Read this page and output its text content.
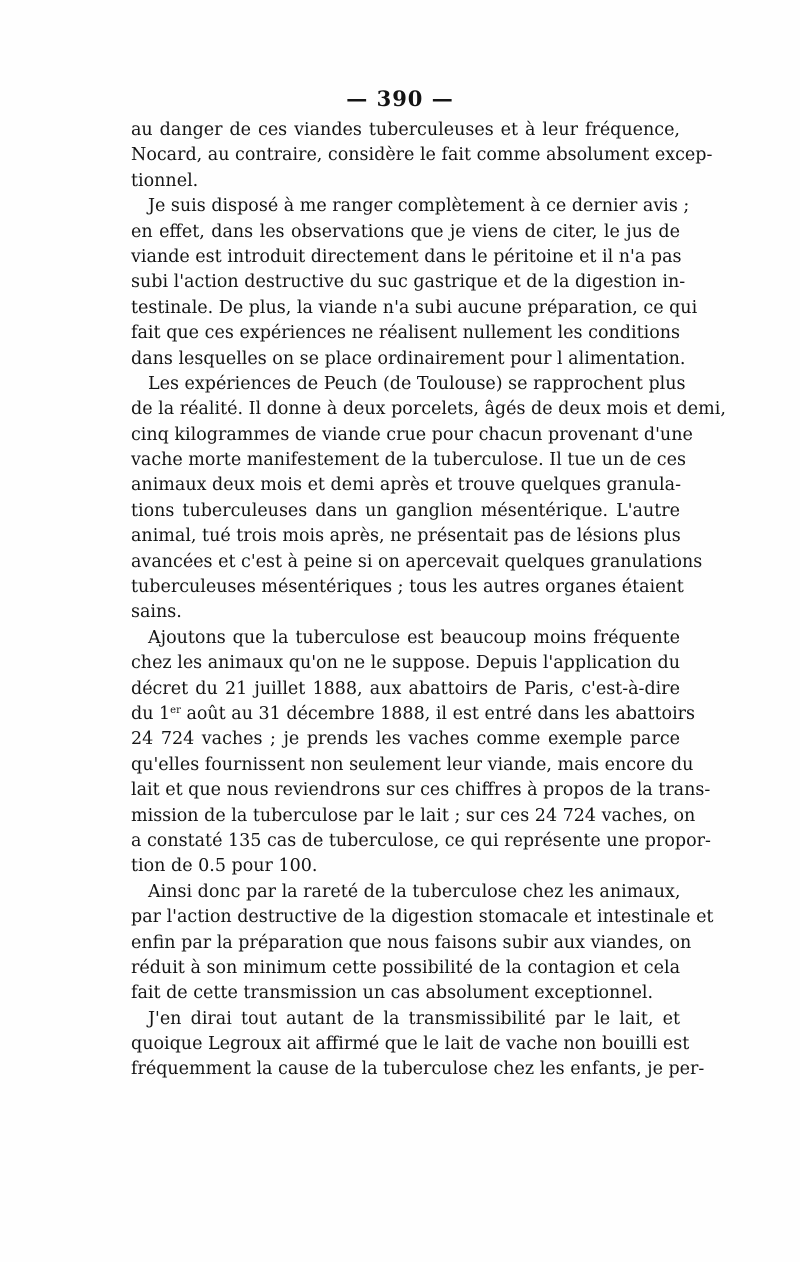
— 390 —
au danger de ces viandes tuberculeuses et à leur fréquence,
Nocard, au contraire, considère le fait comme absolument excep-
tionnel.
Je suis disposé à me ranger complètement à ce dernier avis ;
en effet, dans les observations que je viens de citer, le jus de
viande est introduit directement dans le péritoine et il n'a pas
subi l'action destructive du suc gastrique et de la digestion in-
testinale. De plus, la viande n'a subi aucune préparation, ce qui
fait que ces expériences ne réalisent nullement les conditions
dans lesquelles on se place ordinairement pour l alimentation.
Les expériences de Peuch (de Toulouse) se rapprochent plus
de la réalité. Il donne à deux porcelets, âgés de deux mois et demi,
cinq kilogrammes de viande crue pour chacun provenant d'une
vache morte manifestement de la tuberculose. Il tue un de ces
animaux deux mois et demi après et trouve quelques granula-
tions tuberculeuses dans un ganglion mésentérique. L'autre
animal, tué trois mois après, ne présentait pas de lésions plus
avancées et c'est à peine si on apercevait quelques granulations
tuberculeuses mésentériques ; tous les autres organes étaient
sains.
Ajoutons que la tuberculose est beaucoup moins fréquente
chez les animaux qu'on ne le suppose. Depuis l'application du
décret du 21 juillet 1888, aux abattoirs de Paris, c'est-à-dire
du 1er août au 31 décembre 1888, il est entré dans les abattoirs
24 724 vaches ; je prends les vaches comme exemple parce
qu'elles fournissent non seulement leur viande, mais encore du
lait et que nous reviendrons sur ces chiffres à propos de la trans-
mission de la tuberculose par le lait ; sur ces 24 724 vaches, on
a constaté 135 cas de tuberculose, ce qui représente une propor-
tion de 0.5 pour 100.
Ainsi donc par la rareté de la tuberculose chez les animaux,
par l'action destructive de la digestion stomacale et intestinale et
enfin par la préparation que nous faisons subir aux viandes, on
réduit à son minimum cette possibilité de la contagion et cela
fait de cette transmission un cas absolument exceptionnel.
J'en dirai tout autant de la transmissibilité par le lait, et
quoique Legroux ait affirmé que le lait de vache non bouilli est
fréquemment la cause de la tuberculose chez les enfants, je per-
